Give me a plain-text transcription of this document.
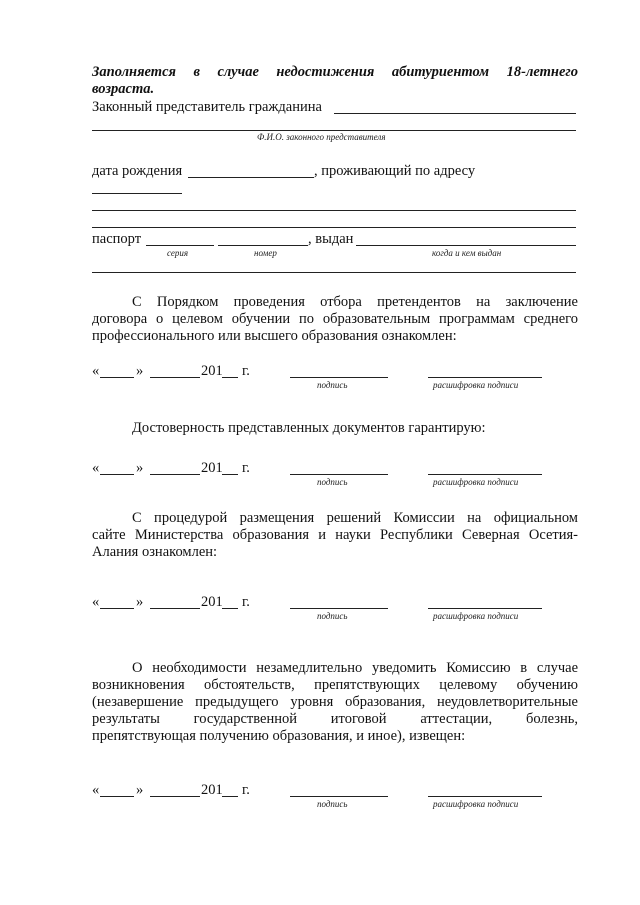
Заполняется в случае недостижения абитуриентом 18-летнего
возраста.
Законный представитель гражданина
Ф.И.О. законного представителя
дата рождения	, проживающий по адресу
паспорт	, выдан
серия	номер	когда и кем выдан
С Порядком проведения отбора претендентов на заключение
договора о целевом обучении по образовательным программам среднего
профессионального или высшего образования ознакомлен:
«	»	201 г.
подпись	расшифровка подписи
Достоверность представленных документов гарантирую:
«	»	201 г.
подпись	расшифровка подписи
С процедурой размещения решений Комиссии на официальном
сайте Министерства образования и науки Республики Северная Осетия-
Алания ознакомлен:
«	»	201 г.
подпись	расшифровка подписи
О необходимости незамедлительно уведомить Комиссию в случае
возникновения обстоятельств, препятствующих целевому обучению
(незавершение предыдущего уровня образования, неудовлетворительные
результаты государственной итоговой аттестации, болезнь,
препятствующая получению образования, и иное), извещен:
«	»	201 г.
подпись	расшифровка подписи
